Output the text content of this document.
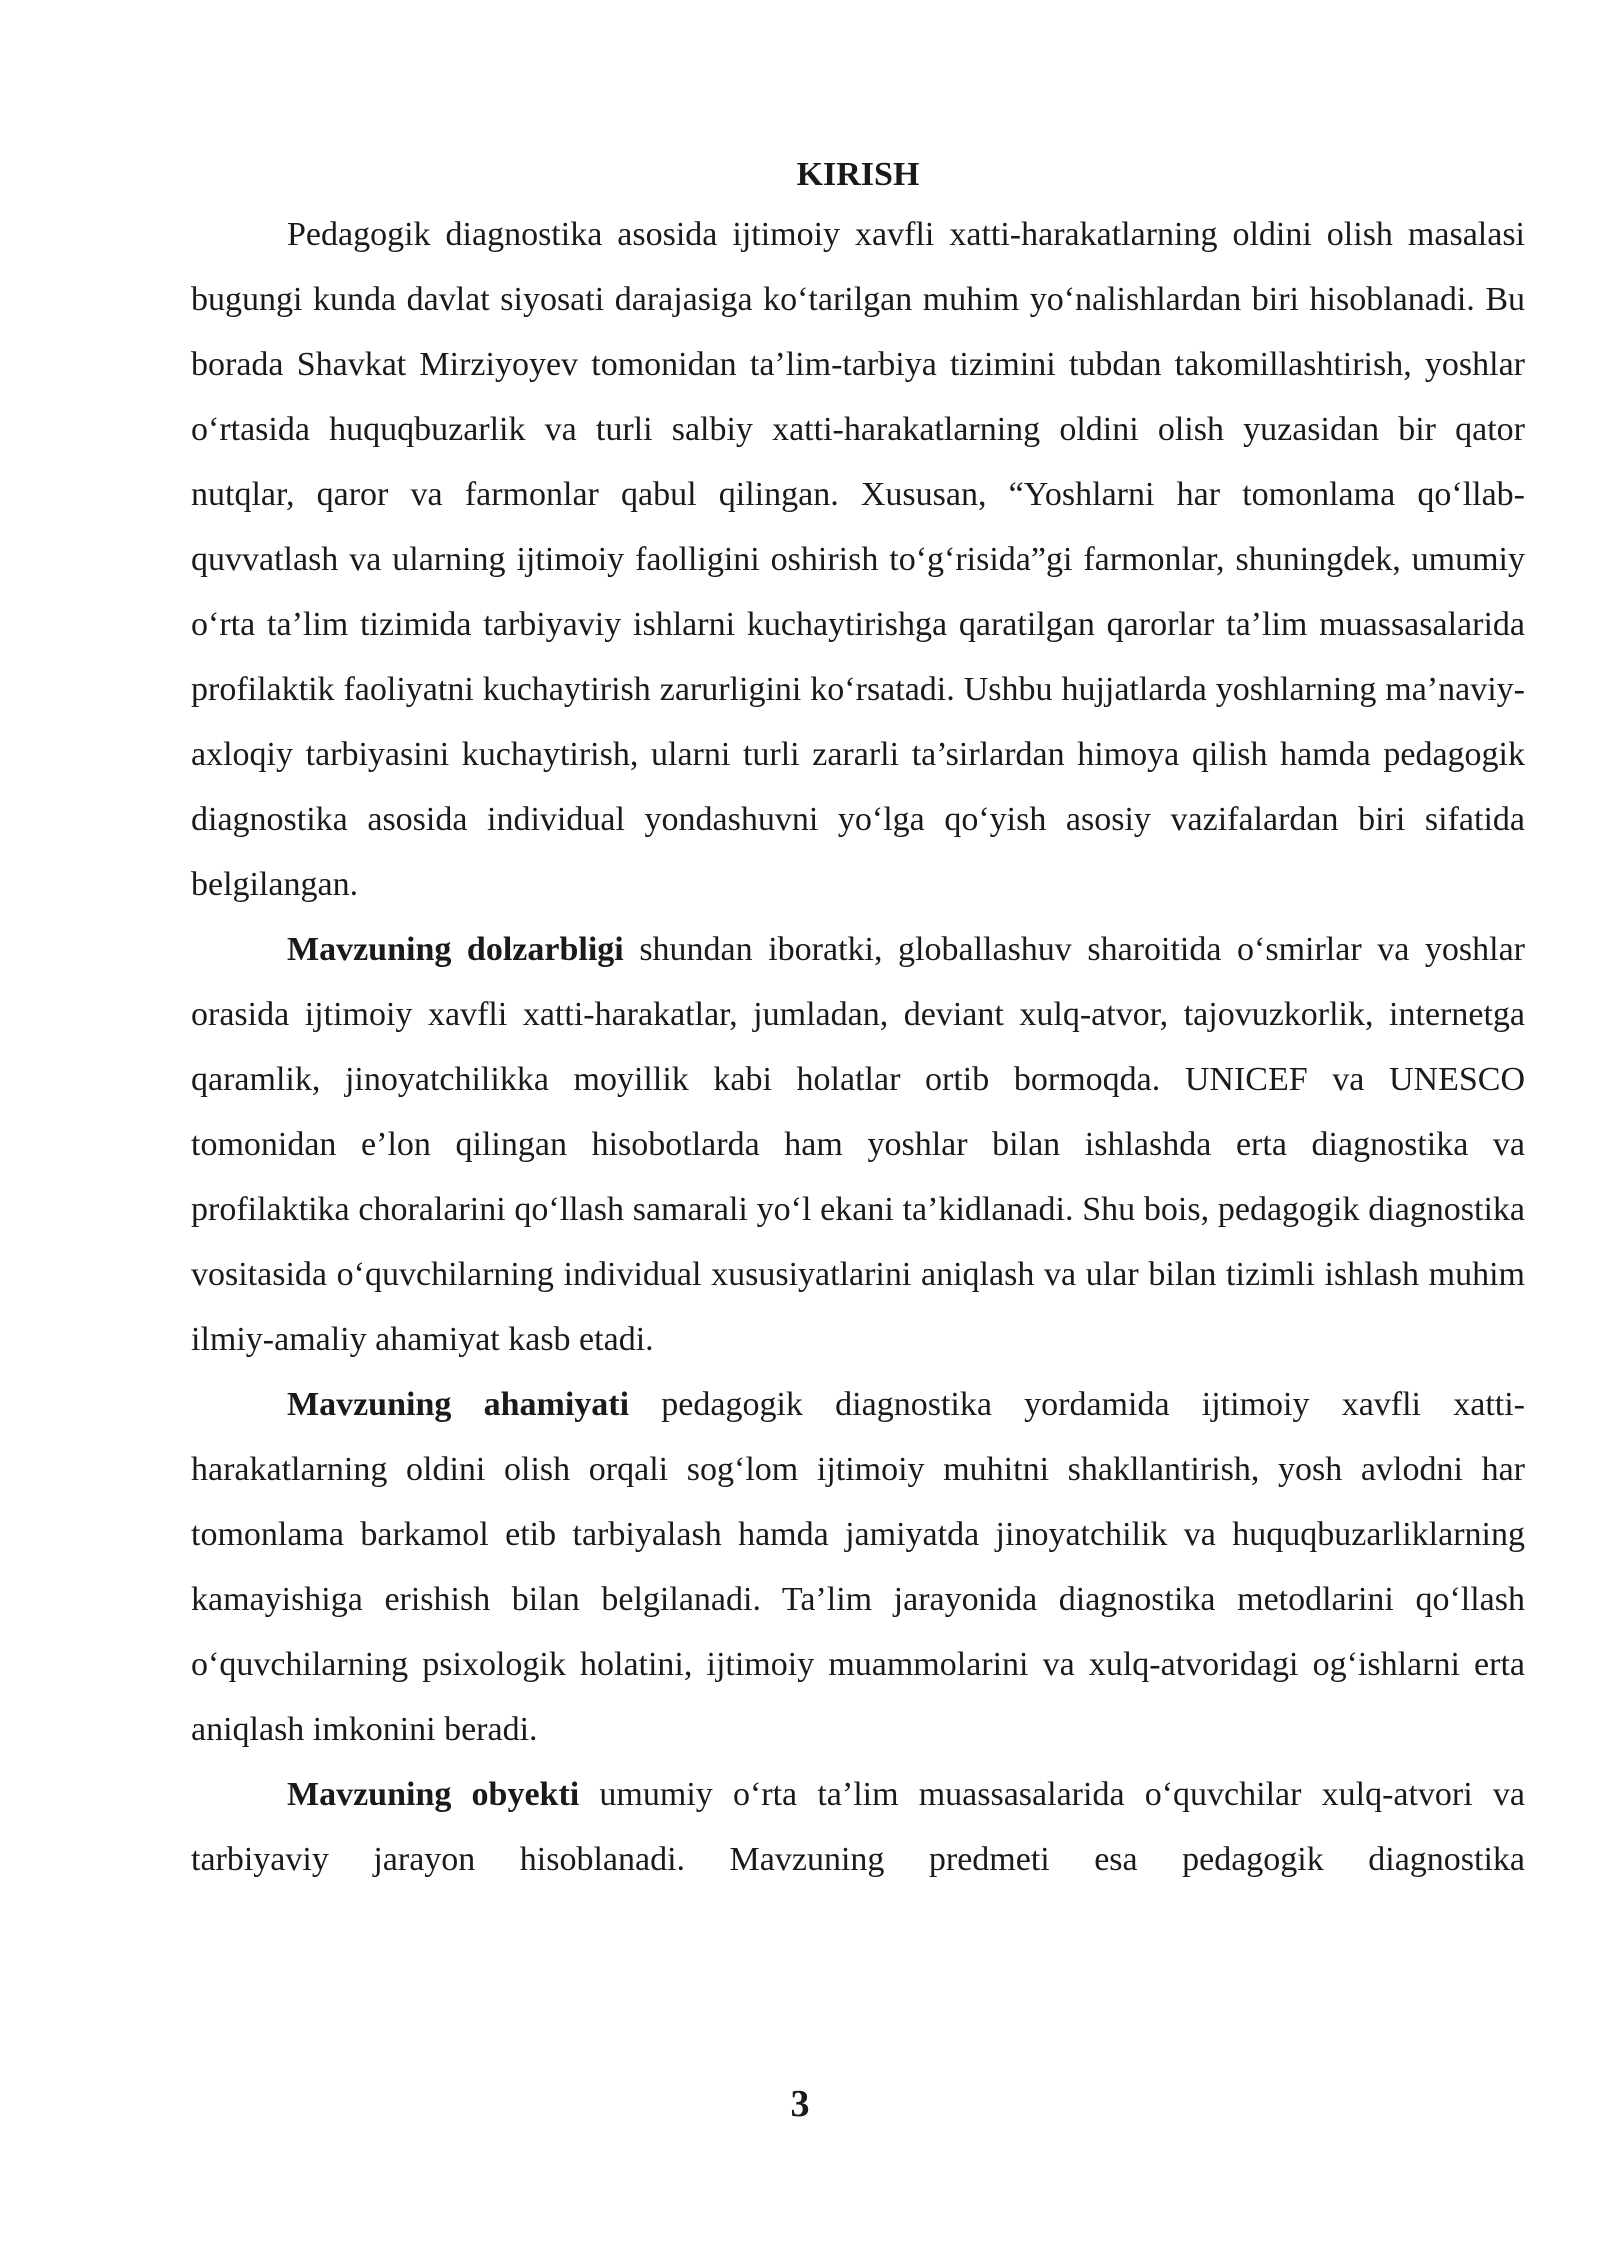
KIRISH

Pedagogik diagnostika asosida ijtimoiy xavfli xatti-harakatlarning oldini olish masalasi bugungi kunda davlat siyosati darajasiga ko‘tarilgan muhim yo‘nalishlardan biri hisoblanadi. Bu borada Shavkat Mirziyoyev tomonidan ta’lim-tarbiya tizimini tubdan takomillashtirish, yoshlar o‘rtasida huquqbuzarlik va turli salbiy xatti-harakatlarning oldini olish yuzasidan bir qator nutqlar, qaror va farmonlar qabul qilingan. Xususan, “Yoshlarni har tomonlama qo‘llab-quvvatlash va ularning ijtimoiy faolligini oshirish to‘g‘risida”gi farmonlar, shuningdek, umumiy o‘rta ta’lim tizimida tarbiyaviy ishlarni kuchaytirishga qaratilgan qarorlar ta’lim muassasalarida profilaktik faoliyatni kuchaytirish zarurligini ko‘rsatadi. Ushbu hujjatlarda yoshlarning ma’naviy-axloqiy tarbiyasini kuchaytirish, ularni turli zararli ta’sirlardan himoya qilish hamda pedagogik diagnostika asosida individual yondashuvni yo‘lga qo‘yish asosiy vazifalardan biri sifatida belgilangan.

Mavzuning dolzarbligi shundan iboratki, globallashuv sharoitida o‘smirlar va yoshlar orasida ijtimoiy xavfli xatti-harakatlar, jumladan, deviant xulq-atvor, tajovuzkorlik, internetga qaramlik, jinoyatchilikka moyillik kabi holatlar ortib bormoqda. UNICEF va UNESCO tomonidan e’lon qilingan hisobotlarda ham yoshlar bilan ishlashda erta diagnostika va profilaktika choralarini qo‘llash samarali yo‘l ekani ta’kidlanadi. Shu bois, pedagogik diagnostika vositasida o‘quvchilarning individual xususiyatlarini aniqlash va ular bilan tizimli ishlash muhim ilmiy-amaliy ahamiyat kasb etadi.

Mavzuning ahamiyati pedagogik diagnostika yordamida ijtimoiy xavfli xatti-harakatlarning oldini olish orqali sog‘lom ijtimoiy muhitni shakllantirish, yosh avlodni har tomonlama barkamol etib tarbiyalash hamda jamiyatda jinoyatchilik va huquqbuzarliklarning kamayishiga erishish bilan belgilanadi. Ta’lim jarayonida diagnostika metodlarini qo‘llash o‘quvchilarning psixologik holatini, ijtimoiy muammolarini va xulq-atvoridagi og‘ishlarni erta aniqlash imkonini beradi.

Mavzuning obyekti umumiy o‘rta ta’lim muassasalarida o‘quvchilar xulq-atvori va tarbiyaviy jarayon hisoblanadi. Mavzuning predmeti esa pedagogik diagnostika

3
